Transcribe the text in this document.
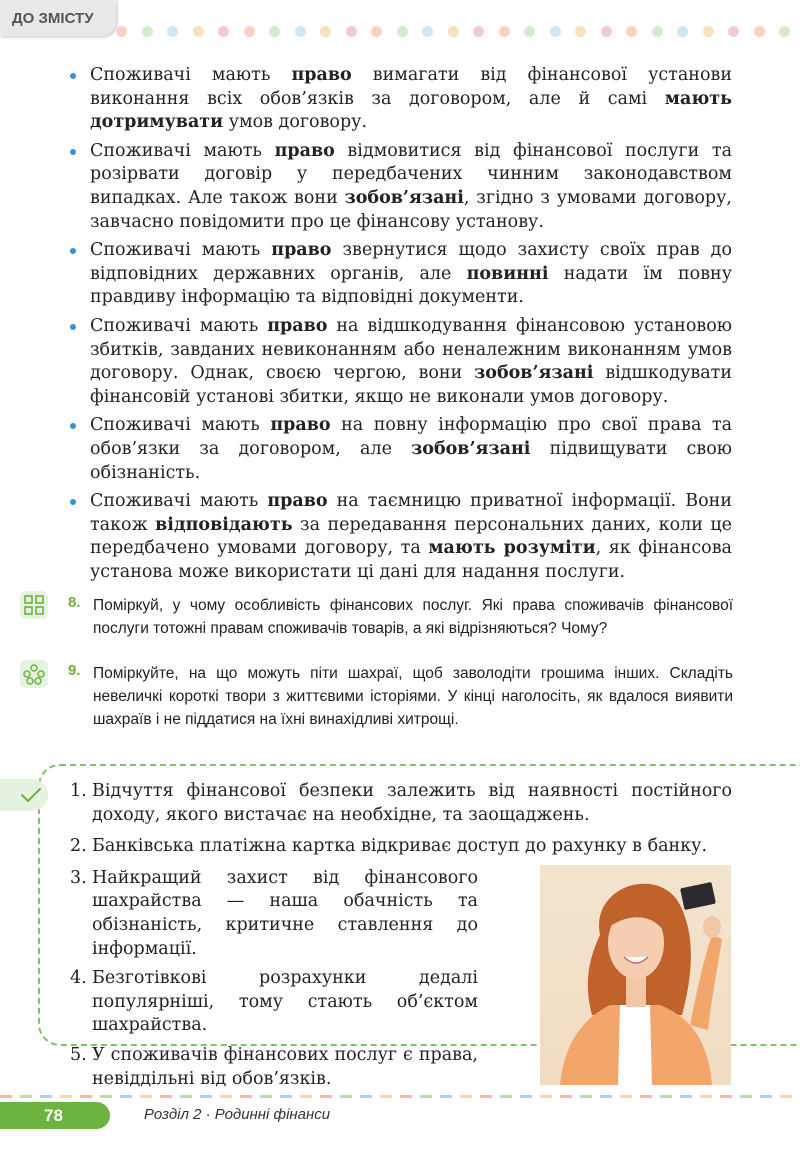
ДО ЗМІСТУ
Споживачі мають право вимагати від фінансової установи виконання всіх обов’язків за договором, але й самі мають дотримувати умов договору.
Споживачі мають право відмовитися від фінансової послуги та розірвати договір у передбачених чинним законодавством випадках. Але також вони зобов’язані, згідно з умовами договору, завчасно повідомити про це фінансову установу.
Споживачі мають право звернутися щодо захисту своїх прав до відповідних державних органів, але повинні надати їм повну правдиву інформацію та відповідні документи.
Споживачі мають право на відшкодування фінансовою установою збитків, завданих невиконанням або неналежним виконанням умов договору. Однак, своєю чергою, вони зобов’язані відшкодувати фінансовій установі збитки, якщо не виконали умов договору.
Споживачі мають право на повну інформацію про свої права та обов’язки за договором, але зобов’язані підвищувати свою обізнаність.
Споживачі мають право на таємницю приватної інформації. Вони також відповідають за передавання персональних даних, коли це передбачено умовами договору, та мають розуміти, як фінансова установа може використати ці дані для надання послуги.
8. Поміркуй, у чому особливість фінансових послуг. Які права споживачів фінансової послуги тотожні правам споживачів товарів, а які відрізняються? Чому?
9. Поміркуйте, на що можуть піти шахраї, щоб заволодіти грошима інших. Складіть невеличкі короткі твори з життєвими історіями. У кінці наголосіть, як вдалося виявити шахраїв і не піддатися на їхні винахідливі хитрощі.
1. Відчуття фінансової безпеки залежить від наявності постійного доходу, якого вистачає на необхідне, та заощаджень.
2. Банківська платіжна картка відкриває доступ до рахунку в банку.
3. Найкращий захист від фінансового шахрайства — наша обачність та обізнаність, критичне ставлення до інформації.
4. Безготівкові розрахунки дедалі популярніші, тому стають об’єктом шахрайства.
5. У споживачів фінансових послуг є права, невіддільні від обов’язків.
78	Розділ 2 · Родинні фінанси
